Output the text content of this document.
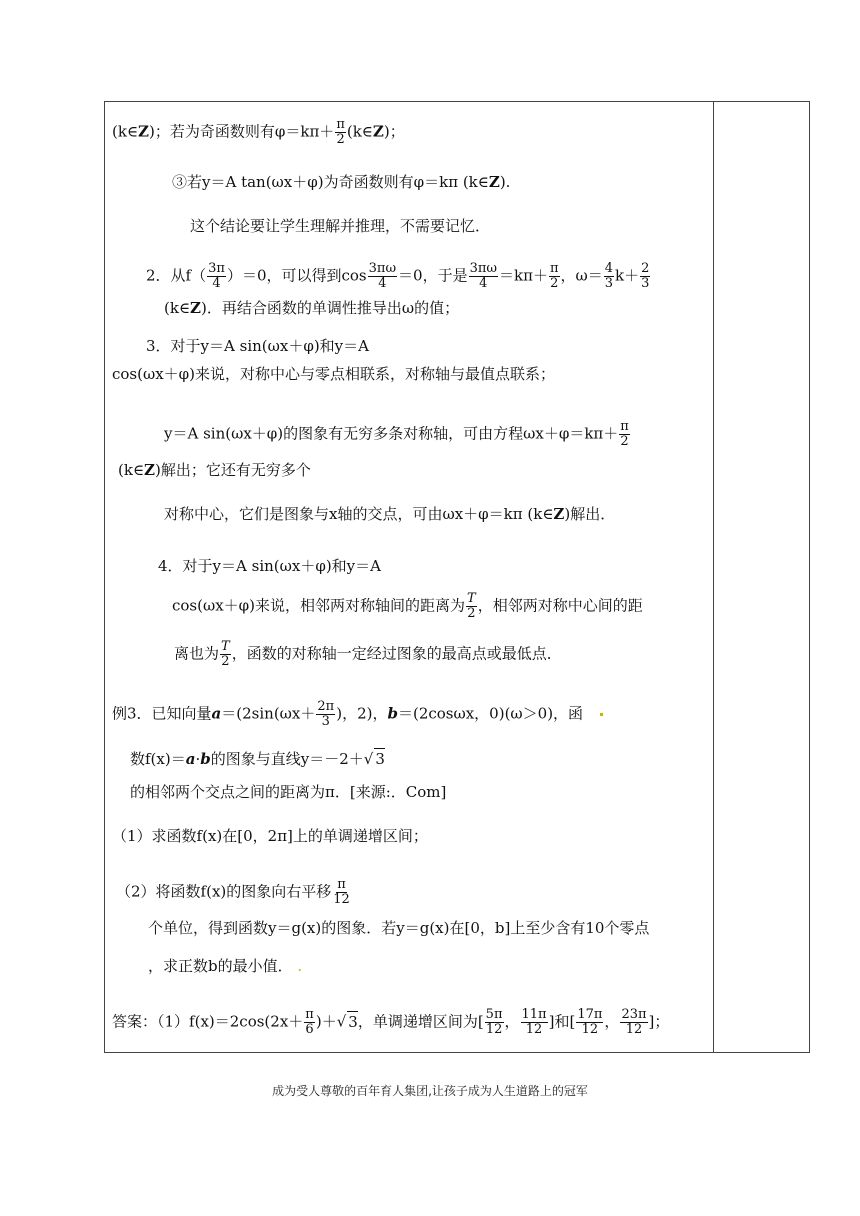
(k∈Z)；若为奇函数则有$\varphi=k\pi+ \frac{\pi}{2}$ (k∈Z)；
③若y＝A tan(ωx＋φ)为奇函数则有φ＝kπ (k∈Z).
这个结论要让学生理解并推理，不需要记忆．
2．从$f( \frac{3\pi}{4} )=0$，可以得到$\cos \frac{3\pi\omega}{4} =0$，于是 $\frac{3\pi\omega}{4} =k\pi+ \frac{\pi}{2}$ ，$\omega= \frac{4}{3} k+ \frac{2}{3}$
(k∈Z)．再结合函数的单调性推导出ω的值；
3．对于y＝A sin(ωx＋φ)和y＝A
cos(ωx＋φ)来说，对称中心与零点相联系，对称轴与最值点联系；
y＝A sin(ωx＋φ)的图象有无穷多条对称轴，可由方程$\omega x+\varphi=k\pi+ \frac{\pi}{2}$
(k∈Z)解出；它还有无穷多个
对称中心，它们是图象与x轴的交点，可由ωx＋φ＝kπ (k∈Z)解出．
4．对于y＝A sin(ωx＋φ)和y＝A
cos(ωx＋φ)来说，相邻两对称轴间的距离为 $\frac{T}{2}$ ，相邻两对称中心间的距
离也为 $\frac{T}{2}$ ，函数的对称轴一定经过图象的最高点或最低点．
例3．已知向量$a=(2\sin(\omega x+ \frac{2\pi}{3}$ )，2)，b＝(2cosωx，0)(ω＞0)，函
数f(x)＝a·b的图象与直线y＝－2＋√ 3
的相邻两个交点之间的距离为π．[来源:．Com]
（1）求函数f(x)在[0，2π]上的单调递增区间；
（2）将函数f(x)的图象向右平移 $\frac{\pi}{12}$
个单位，得到函数y＝g(x)的图象．若y＝g(x)在[0，b]上至少含有10个零点
，求正数b的最小值． .
答案：$(1)f(x)=2\cos(2x+ \frac{\pi}{6}$ )＋√ 3，单调递增区间为[ $\frac{5\pi}{12}$ ， $\frac{11\pi}{12}$ ]和[ $\frac{17\pi}{12}$ ， $\frac{23\pi}{12}$ ]；
成为受人尊敬的百年育人集团,让孩子成为人生道路上的冠军
